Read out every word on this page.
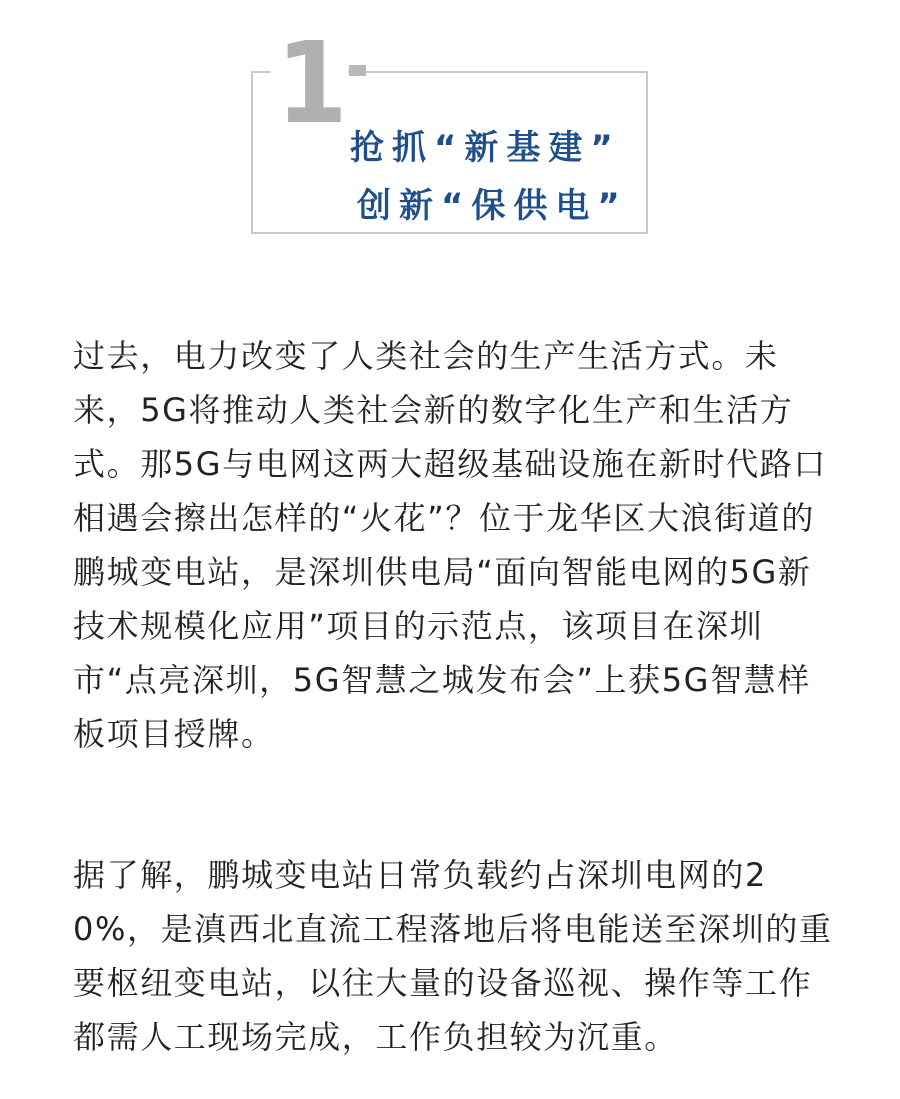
1 抢抓“新基建”
创新“保供电”

过去，电力改变了人类社会的生产生活方式。未来，5G将推动人类社会新的数字化生产和生活方式。那5G与电网这两大超级基础设施在新时代路口相遇会擦出怎样的“火花”？位于龙华区大浪街道的鹏城变电站，是深圳供电局“面向智能电网的5G新技术规模化应用”项目的示范点，该项目在深圳市“点亮深圳，5G智慧之城发布会”上获5G智慧样板项目授牌。

据了解，鹏城变电站日常负载约占深圳电网的20%，是滇西北直流工程落地后将电能送至深圳的重要枢纽变电站，以往大量的设备巡视、操作等工作都需人工现场完成，工作负担较为沉重。
